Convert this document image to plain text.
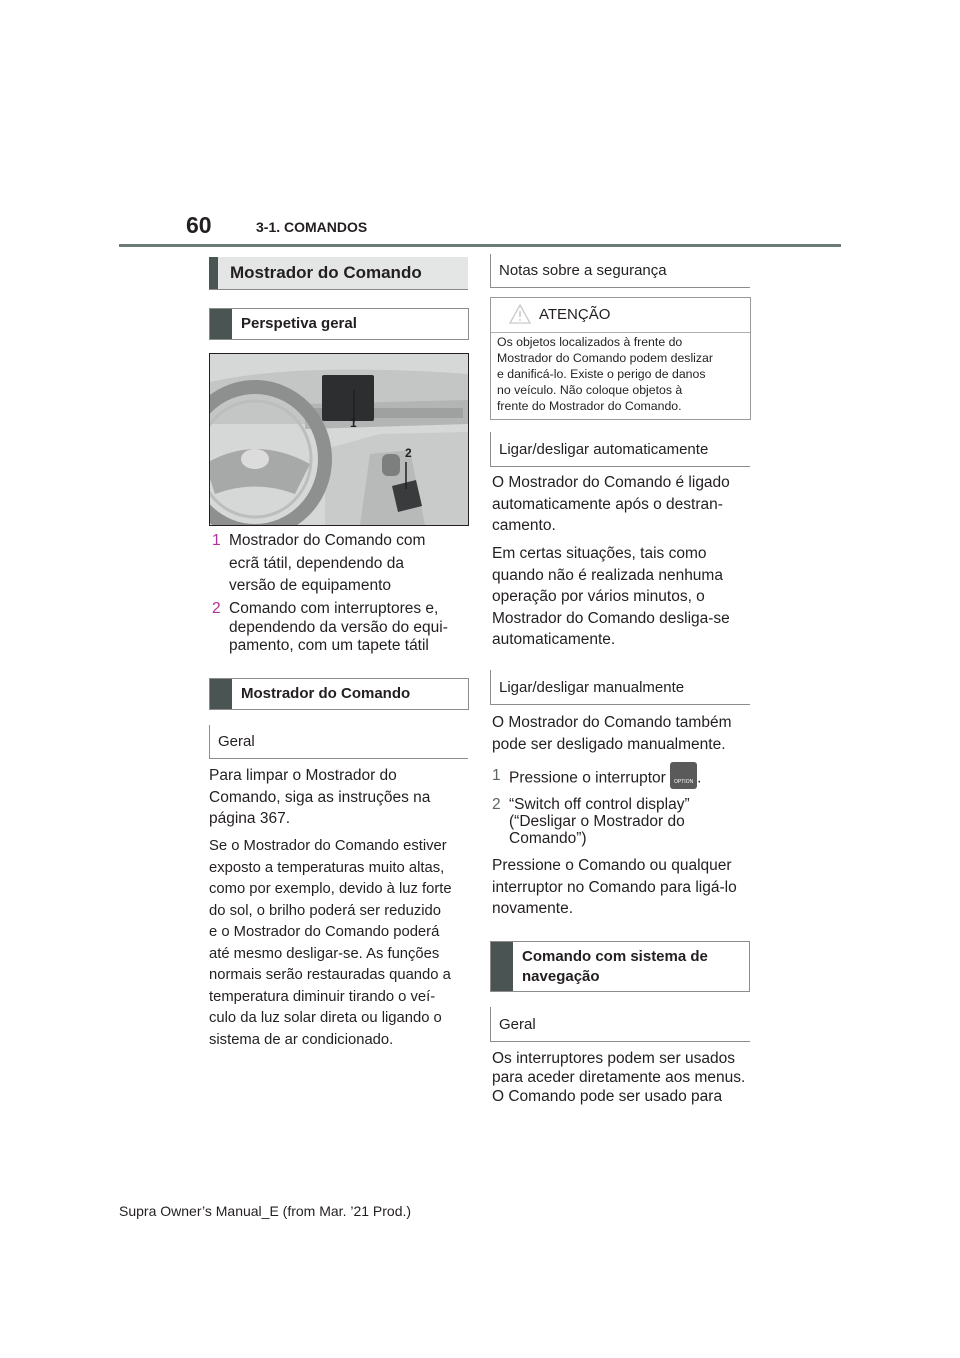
60	3-1. COMANDOS
Mostrador do Comando
Perspetiva geral
1
2
1 Mostrador do Comando com
ecrã tátil, dependendo da
versão de equipamento
2 Comando com interruptores e,
dependendo da versão do equi-
pamento, com um tapete tátil
Mostrador do Comando
Geral
Para limpar o Mostrador do
Comando, siga as instruções na
página 367.
Se o Mostrador do Comando estiver
exposto a temperaturas muito altas,
como por exemplo, devido à luz forte
do sol, o brilho poderá ser reduzido
e o Mostrador do Comando poderá
até mesmo desligar-se. As funções
normais serão restauradas quando a
temperatura diminuir tirando o veí-
culo da luz solar direta ou ligando o
sistema de ar condicionado.
Notas sobre a segurança
ATENÇÃO
Os objetos localizados à frente do
Mostrador do Comando podem deslizar
e danificá-lo. Existe o perigo de danos
no veículo. Não coloque objetos à
frente do Mostrador do Comando.
Ligar/desligar automaticamente
O Mostrador do Comando é ligado
automaticamente após o destran-
camento.
Em certas situações, tais como
quando não é realizada nenhuma
operação por vários minutos, o
Mostrador do Comando desliga-se
automaticamente.
Ligar/desligar manualmente
O Mostrador do Comando também
pode ser desligado manualmente.
1 Pressione o interruptor	OPTION .
2 “Switch off control display”
(“Desligar o Mostrador do
Comando”)
Pressione o Comando ou qualquer
interruptor no Comando para ligá-lo
novamente.
Comando com sistema de
navegação
Geral
Os interruptores podem ser usados
para aceder diretamente aos menus.
O Comando pode ser usado para
Supra Owner’s Manual_E (from Mar. ’21 Prod.)
